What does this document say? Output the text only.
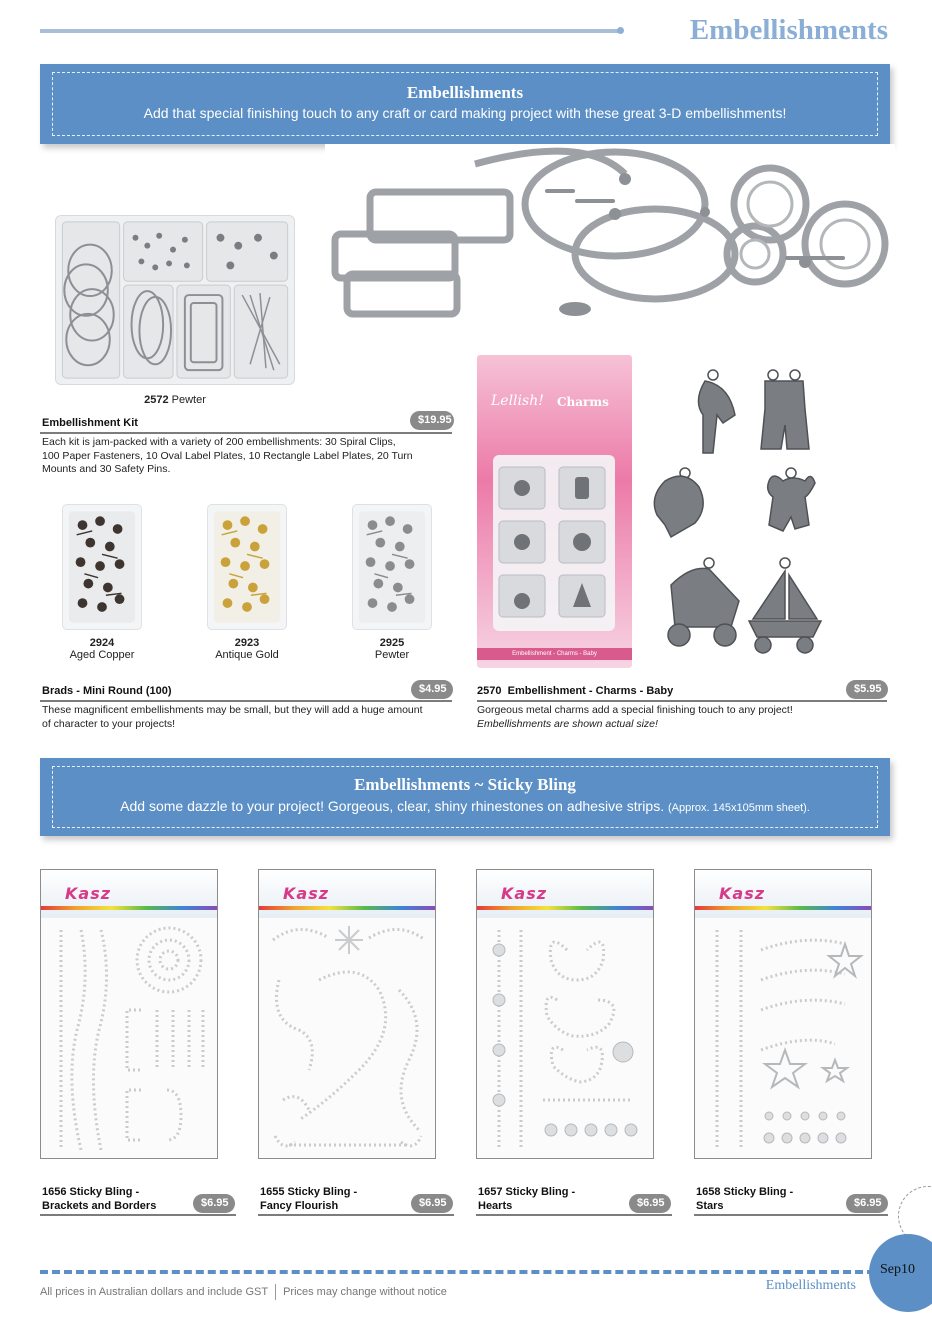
Embellishments
Embellishments
Add that special finishing touch to any craft or card making project with these great 3-D embellishments!
2572 Pewter
Embellishment Kit	$19.95
Each kit is jam-packed with a variety of 200 embellishments: 30 Spiral Clips,
100 Paper Fasteners, 10 Oval Label Plates, 10 Rectangle Label Plates, 20 Turn
Mounts and 30 Safety Pins.
2924
Aged Copper
2923
Antique Gold
2925
Pewter
Brads - Mini Round (100)	$4.95
These magnificent embellishments may be small, but they will add a huge amount
of character to your projects!
Lellish! Charms
Embellishment - Charms - Baby
2570 Embellishment - Charms - Baby	$5.95
Gorgeous metal charms add a special finishing touch to any project!
Embellishments are shown actual size!
Embellishments ~ Sticky Bling
Add some dazzle to your project! Gorgeous, clear, shiny rhinestones on adhesive strips. (Approx. 145x105mm sheet).
Kasz	Kasz	Kasz	Kasz
1656 Sticky Bling -
Brackets and Borders	$6.95
1655 Sticky Bling -
Fancy Flourish	$6.95
1657 Sticky Bling -
Hearts	$6.95
1658 Sticky Bling -
Stars	$6.95
All prices in Australian dollars and include GST Prices may change without notice	Embellishments
Sep10
